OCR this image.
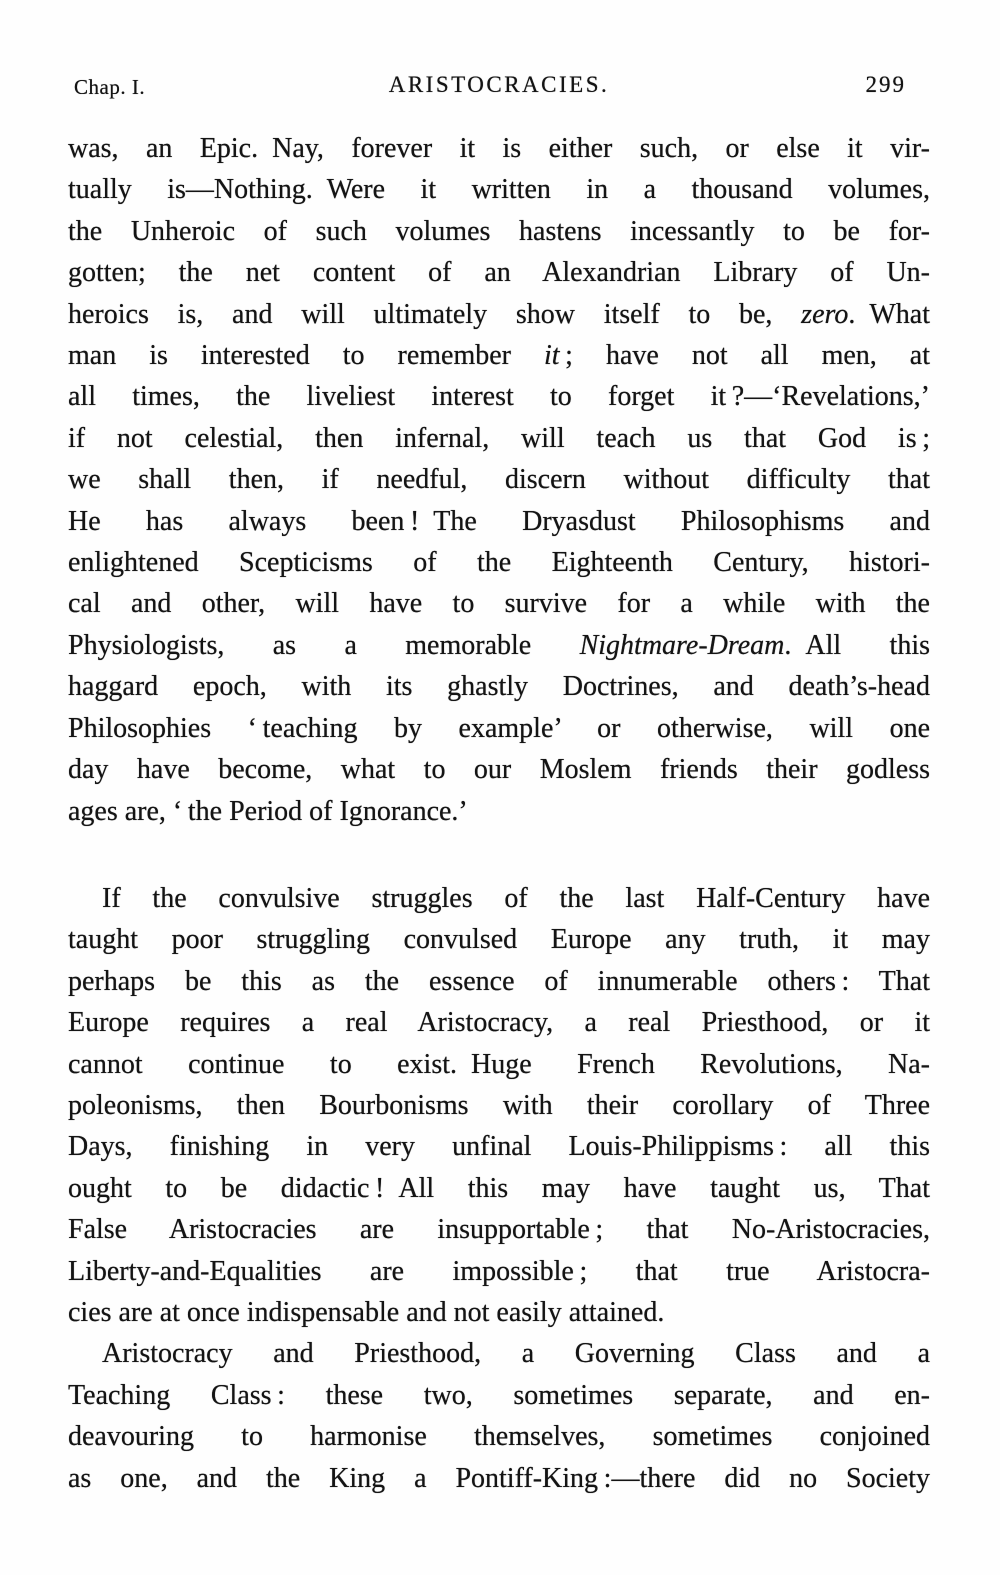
Chap. I.	ARISTOCRACIES.	299
was, an Epic. Nay, forever it is either such, or else it vir-
tually is—Nothing. Were it written in a thousand volumes,
the Unheroic of such volumes hastens incessantly to be for-
gotten; the net content of an Alexandrian Library of Un-
heroics is, and will ultimately show itself to be, zero. What
man is interested to remember it ; have not all men, at
all times, the liveliest interest to forget it ?—‘Revelations,’
if not celestial, then infernal, will teach us that God is ;
we shall then, if needful, discern without difficulty that
He has always been ! The Dryasdust Philosophisms and
enlightened Scepticisms of the Eighteenth Century, histori-
cal and other, will have to survive for a while with the
Physiologists, as a memorable Nightmare-Dream. All this
haggard epoch, with its ghastly Doctrines, and death’s-head
Philosophies ‘ teaching by example’ or otherwise, will one
day have become, what to our Moslem friends their godless
ages are, ‘ the Period of Ignorance.’
If the convulsive struggles of the last Half-Century have
taught poor struggling convulsed Europe any truth, it may
perhaps be this as the essence of innumerable others : That
Europe requires a real Aristocracy, a real Priesthood, or it
cannot continue to exist. Huge French Revolutions, Na-
poleonisms, then Bourbonisms with their corollary of Three
Days, finishing in very unfinal Louis-Philippisms : all this
ought to be didactic ! All this may have taught us, That
False Aristocracies are insupportable ; that No-Aristocracies,
Liberty-and-Equalities are impossible ; that true Aristocra-
cies are at once indispensable and not easily attained.
Aristocracy and Priesthood, a Governing Class and a
Teaching Class : these two, sometimes separate, and en-
deavouring to harmonise themselves, sometimes conjoined
as one, and the King a Pontiff-King :—there did no Society
